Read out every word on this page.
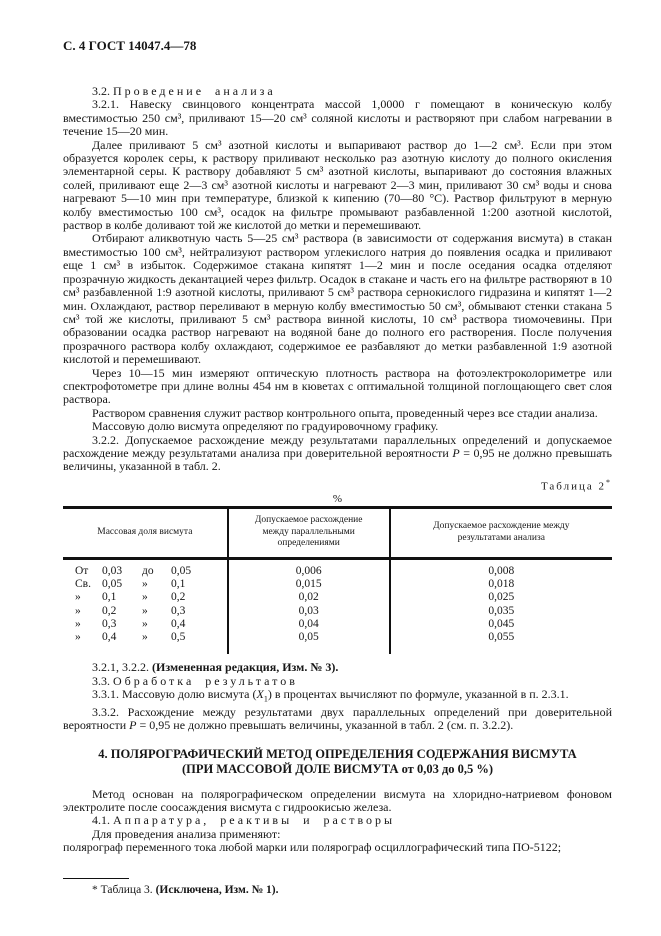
С. 4 ГОСТ 14047.4—78
3.2. Проведение анализа

3.2.1. Навеску свинцового концентрата массой 1,0000 г помещают в коническую колбу вместимостью 250 см³, приливают 15—20 см³ соляной кислоты и растворяют при слабом нагревании в течение 15—20 мин.

Далее приливают 5 см³ азотной кислоты и выпаривают раствор до 1—2 см³. Если при этом образуется королек серы, к раствору приливают несколько раз азотную кислоту до полного окисления элементарной серы. К раствору добавляют 5 см³ азотной кислоты, выпаривают до состояния влажных солей, приливают еще 2—3 см³ азотной кислоты и нагревают 2—3 мин, приливают 30 см³ воды и снова нагревают 5—10 мин при температуре, близкой к кипению (70—80 °С). Раствор фильтруют в мерную колбу вместимостью 100 см³, осадок на фильтре промывают разбавленной 1:200 азотной кислотой, раствор в колбе доливают той же кислотой до метки и перемешивают.

Отбирают аликвотную часть 5—25 см³ раствора (в зависимости от содержания висмута) в стакан вместимостью 100 см³, нейтрализуют раствором углекислого натрия до появления осадка и приливают еще 1 см³ в избыток. Содержимое стакана кипятят 1—2 мин и после оседания осадка отделяют прозрачную жидкость декантацией через фильтр. Осадок в стакане и часть его на фильтре растворяют в 10 см³ разбавленной 1:9 азотной кислоты, приливают 5 см³ раствора сернокислого гидразина и кипятят 1—2 мин. Охлаждают, раствор переливают в мерную колбу вместимостью 50 см³, обмывают стенки стакана 5 см³ той же кислоты, приливают 5 см³ раствора винной кислоты, 10 см³ раствора тиомочевины. При образовании осадка раствор нагревают на водяной бане до полного его растворения. После получения прозрачного раствора колбу охлаждают, содержимое ее разбавляют до метки разбавленной 1:9 азотной кислотой и перемешивают.

Через 10—15 мин измеряют оптическую плотность раствора на фотоэлектроколориметре или спектрофотометре при длине волны 454 нм в кюветах с оптимальной толщиной поглощающего свет слоя раствора.

Раствором сравнения служит раствор контрольного опыта, проведенный через все стадии анализа.

Массовую долю висмута определяют по градуировочному графику.

3.2.2. Допускаемое расхождение между результатами параллельных определений и допускаемое расхождение между результатами анализа при доверительной вероятности Р = 0,95 не должно превышать величины, указанной в табл. 2.

Таблица 2*
%
Массовая доля висмута	Допускаемое расхождение между параллельными определениями	Допускаемое расхождение между результатами анализа
От 0,03 до 0,05	0,006	0,008
Св. 0,05 » 0,1	0,015	0,018
» 0,1 » 0,2	0,02	0,025
» 0,2 » 0,3	0,03	0,035
» 0,3 » 0,4	0,04	0,045
» 0,4 » 0,5	0,05	0,055

3.2.1, 3.2.2. (Измененная редакция, Изм. № 3).

3.3. Обработка результатов

3.3.1. Массовую долю висмута $(X_1)$ в процентах вычисляют по формуле, указанной в п. 2.3.1.

3.3.2. Расхождение между результатами двух параллельных определений при доверительной вероятности Р = 0,95 не должно превышать величины, указанной в табл. 2 (см. п. 3.2.2).

4. ПОЛЯРОГРАФИЧЕСКИЙ МЕТОД ОПРЕДЕЛЕНИЯ СОДЕРЖАНИЯ ВИСМУТА
(ПРИ МАССОВОЙ ДОЛЕ ВИСМУТА от 0,03 до 0,5 %)

Метод основан на полярографическом определении висмута на хлоридно-натриевом фоновом электролите после соосаждения висмута с гидроокисью железа.

4.1. Аппаратура, реактивы и растворы

Для проведения анализа применяют:

полярограф переменного тока любой марки или полярограф осциллографический типа ПО-5122;

* Таблица 3. (Исключена, Изм. № 1).
